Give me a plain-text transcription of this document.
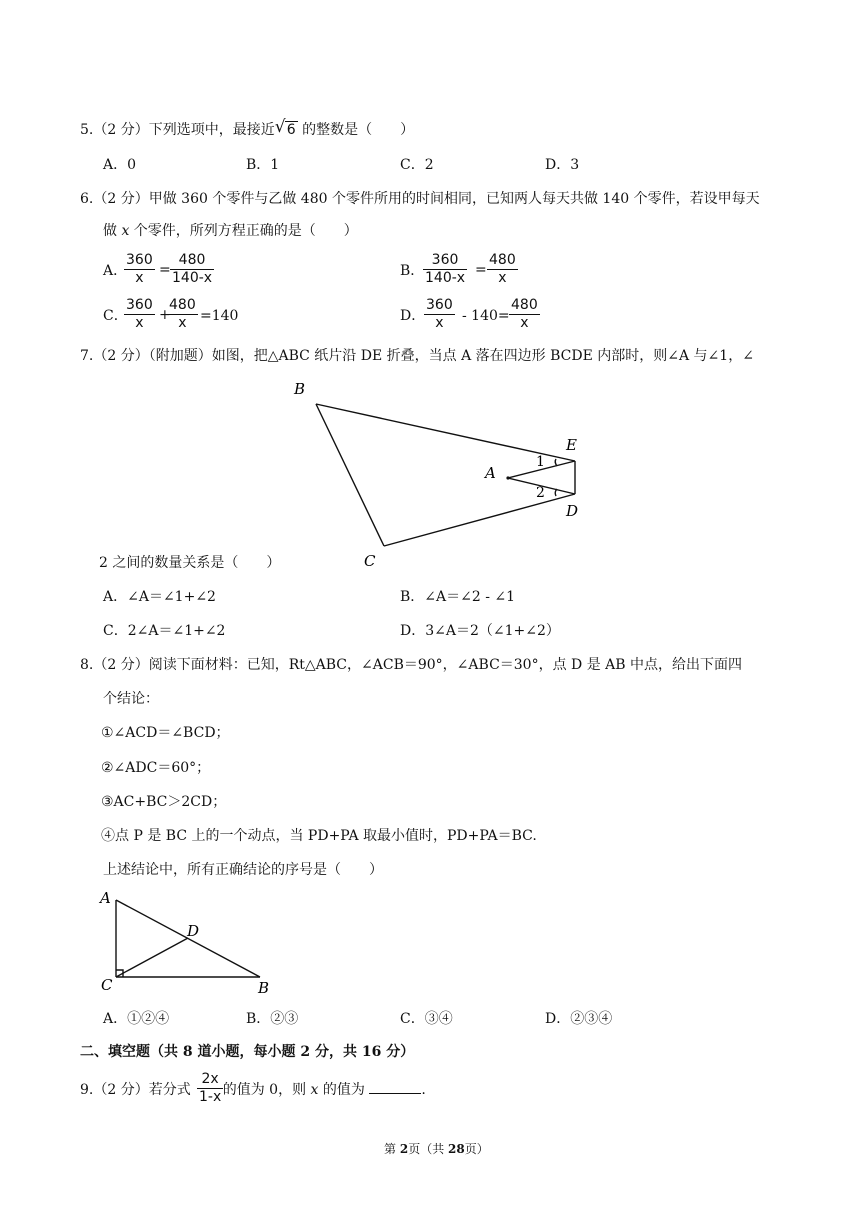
5.（2 分）下列选项中，最接近 √ 6 的整数是（　　）
A．0	B．1	C．2	D．3
6.（2 分）甲做 360 个零件与乙做 480 个零件所用的时间相同，已知两人每天共做 140 个零件，若设甲每天
做 x 个零件，所列方程正确的是（　　）
A．
$\frac{360}{x} = \frac{480}{140-x}$	B．
$\frac{360}{140-x} = \frac{480}{x}$
C．
$\frac{360}{x}$ +
$\frac{480}{x} =140$	D．
$\frac{360}{x} - 140= \frac{480}{x}$
7.（2 分）（附加题）如图，把△ABC 纸片沿 DE 折叠，当点 A 落在四边形 BCDE 内部时，则∠A 与∠1，∠
B
C
A
E
D
1
2
A
C
D
B
2 之间的数量关系是（　　）
A．∠A＝∠1+∠2	B．∠A＝∠2 - ∠1
C．2∠A＝∠1+∠2	D．3∠A＝2（∠1+∠2）
8.（2 分）阅读下面材料：已知，Rt△ABC，∠ACB＝90°，∠ABC＝30°，点 D 是 AB 中点，给出下面四
个结论：
①∠ACD＝∠BCD；
②∠ADC＝60°；
③AC+BC＞2CD；
④点 P 是 BC 上的一个动点，当 PD+PA 取最小值时，PD+PA＝BC.
上述结论中，所有正确结论的序号是（　　）
A．①②④	B．②③	C．③④	D．②③④
二、填空题（共 8 道小题，每小题 2 分，共 16 分）
9.（2 分）若分式 的值为 0，则 x 的值为	.
$\frac{2x}{1-x}$
第 2页（共 28页）
